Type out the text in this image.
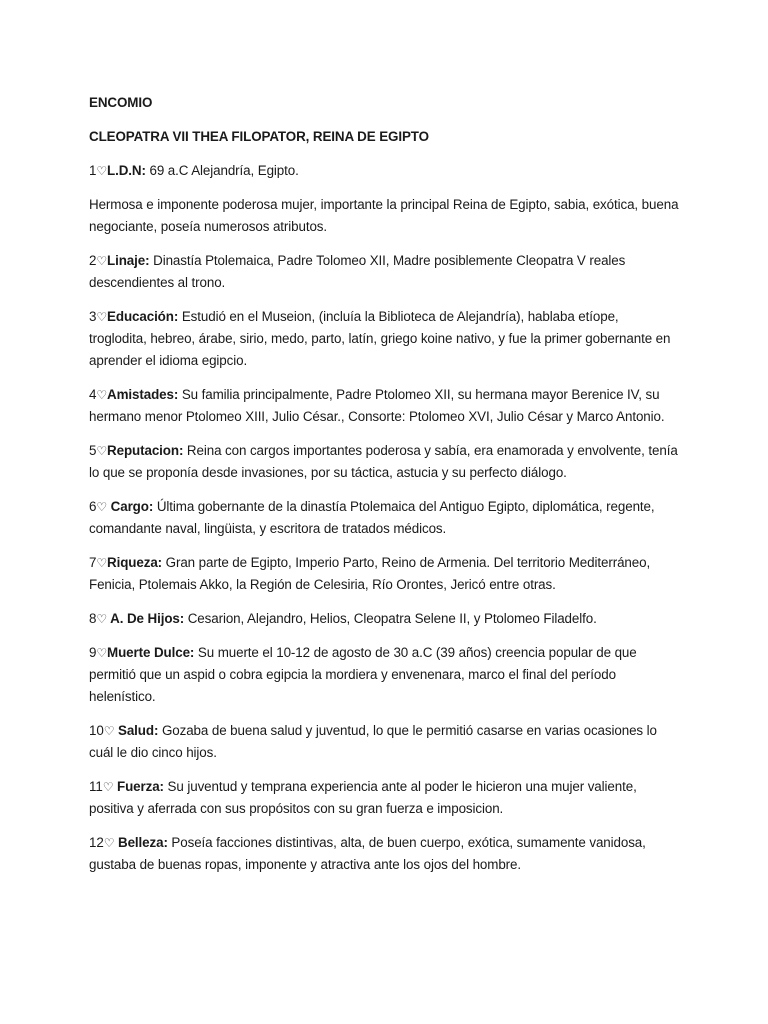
ENCOMIO

CLEOPATRA VII THEA FILOPATOR, REINA DE EGIPTO

1♡L.D.N: 69 a.C Alejandría, Egipto.

Hermosa e imponente poderosa mujer, importante la principal Reina de Egipto, sabia, exótica, buena negociante, poseía numerosos atributos.

2♡Linaje: Dinastía Ptolemaica, Padre Tolomeo XII, Madre posiblemente Cleopatra V reales descendientes al trono.

3♡Educación: Estudió en el Museion, (incluía la Biblioteca de Alejandría), hablaba etíope, troglodita, hebreo, árabe, sirio, medo, parto, latín, griego koine nativo, y fue la primer gobernante en aprender el idioma egipcio.

4♡Amistades: Su familia principalmente, Padre Ptolomeo XII, su hermana mayor Berenice IV, su hermano menor Ptolomeo XIII, Julio César., Consorte: Ptolomeo XVI, Julio César y Marco Antonio.

5♡Reputacion: Reina con cargos importantes poderosa y sabía, era enamorada y envolvente, tenía lo que se proponía desde invasiones, por su táctica, astucia y su perfecto diálogo.

6♡ Cargo: Última gobernante de la dinastía Ptolemaica del Antiguo Egipto, diplomática, regente, comandante naval, lingüista, y escritora de tratados médicos.

7♡Riqueza: Gran parte de Egipto, Imperio Parto, Reino de Armenia. Del territorio Mediterráneo, Fenicia, Ptolemais Akko, la Región de Celesiria, Río Orontes, Jericó entre otras.

8♡ A. De Hijos: Cesarion, Alejandro, Helios, Cleopatra Selene II, y Ptolomeo Filadelfo.

9♡Muerte Dulce: Su muerte el 10-12 de agosto de 30 a.C (39 años) creencia popular de que permitió que un aspid o cobra egipcia la mordiera y envenenara, marco el final del período helenístico.

10♡ Salud: Gozaba de buena salud y juventud, lo que le permitió casarse en varias ocasiones lo cuál le dio cinco hijos.

11♡ Fuerza: Su juventud y temprana experiencia ante al poder le hicieron una mujer valiente, positiva y aferrada con sus propósitos con su gran fuerza e imposicion.

12♡ Belleza: Poseía facciones distintivas, alta, de buen cuerpo, exótica, sumamente vanidosa, gustaba de buenas ropas, imponente y atractiva ante los ojos del hombre.
